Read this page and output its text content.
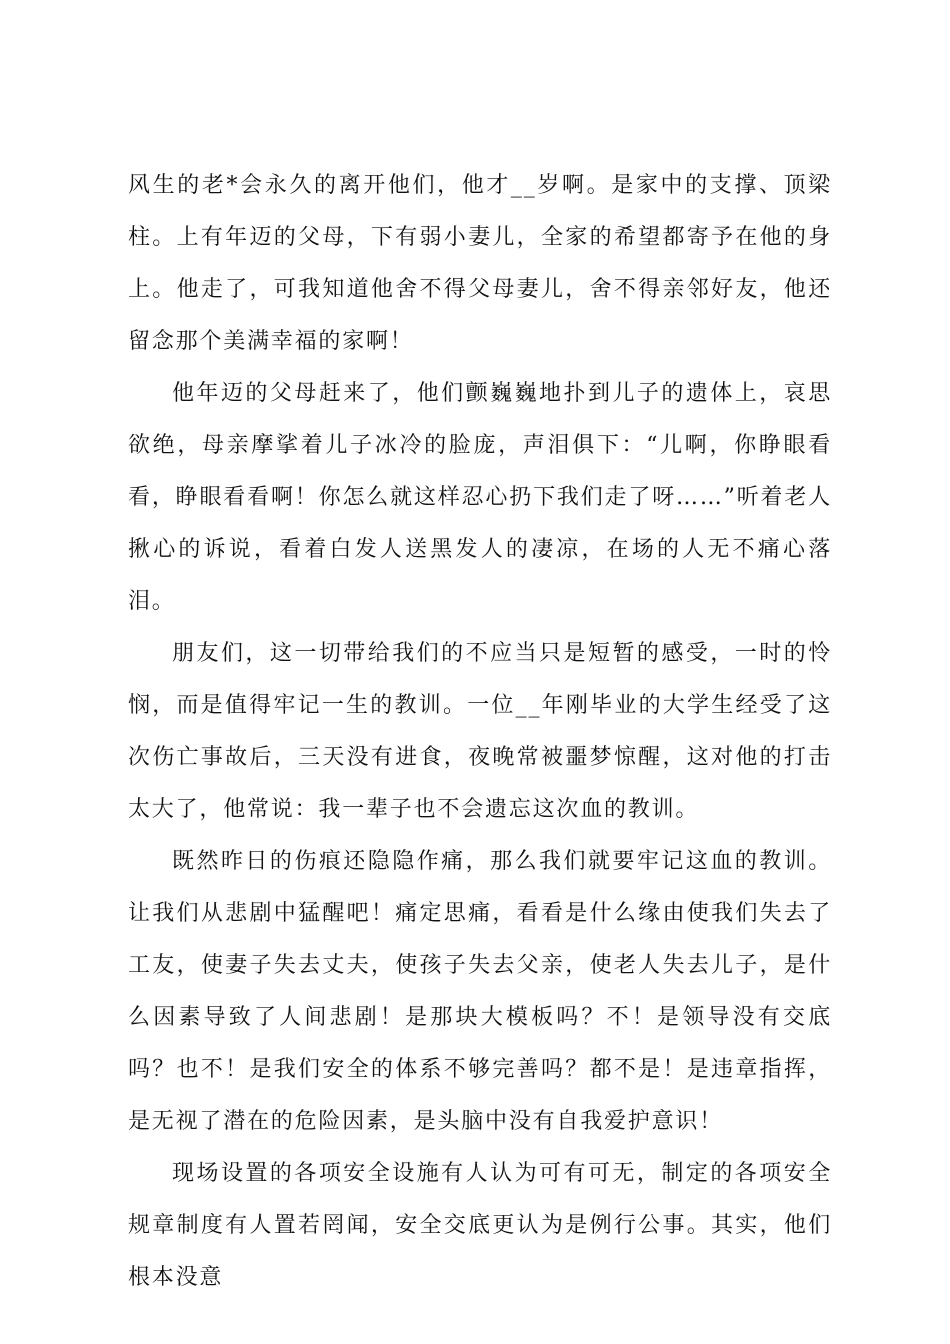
风生的老*会永久的离开他们，他才__岁啊。是家中的支撑、顶梁柱。上有年迈的父母，下有弱小妻儿，全家的希望都寄予在他的身上。他走了，可我知道他舍不得父母妻儿，舍不得亲邻好友，他还留念那个美满幸福的家啊！

他年迈的父母赶来了，他们颤巍巍地扑到儿子的遗体上，哀思欲绝，母亲摩挲着儿子冰冷的脸庞，声泪俱下：“儿啊，你睁眼看看，睁眼看看啊！你怎么就这样忍心扔下我们走了呀……”听着老人揪心的诉说，看着白发人送黑发人的凄凉，在场的人无不痛心落泪。

朋友们，这一切带给我们的不应当只是短暂的感受，一时的怜悯，而是值得牢记一生的教训。一位__年刚毕业的大学生经受了这次伤亡事故后，三天没有进食，夜晚常被噩梦惊醒，这对他的打击太大了，他常说：我一辈子也不会遗忘这次血的教训。

既然昨日的伤痕还隐隐作痛，那么我们就要牢记这血的教训。让我们从悲剧中猛醒吧！痛定思痛，看看是什么缘由使我们失去了工友，使妻子失去丈夫，使孩子失去父亲，使老人失去儿子，是什么因素导致了人间悲剧！是那块大模板吗？不！是领导没有交底吗？也不！是我们安全的体系不够完善吗？都不是！是违章指挥，是无视了潜在的危险因素，是头脑中没有自我爱护意识！

现场设置的各项安全设施有人认为可有可无，制定的各项安全规章制度有人置若罔闻，安全交底更认为是例行公事。其实，他们根本没意
